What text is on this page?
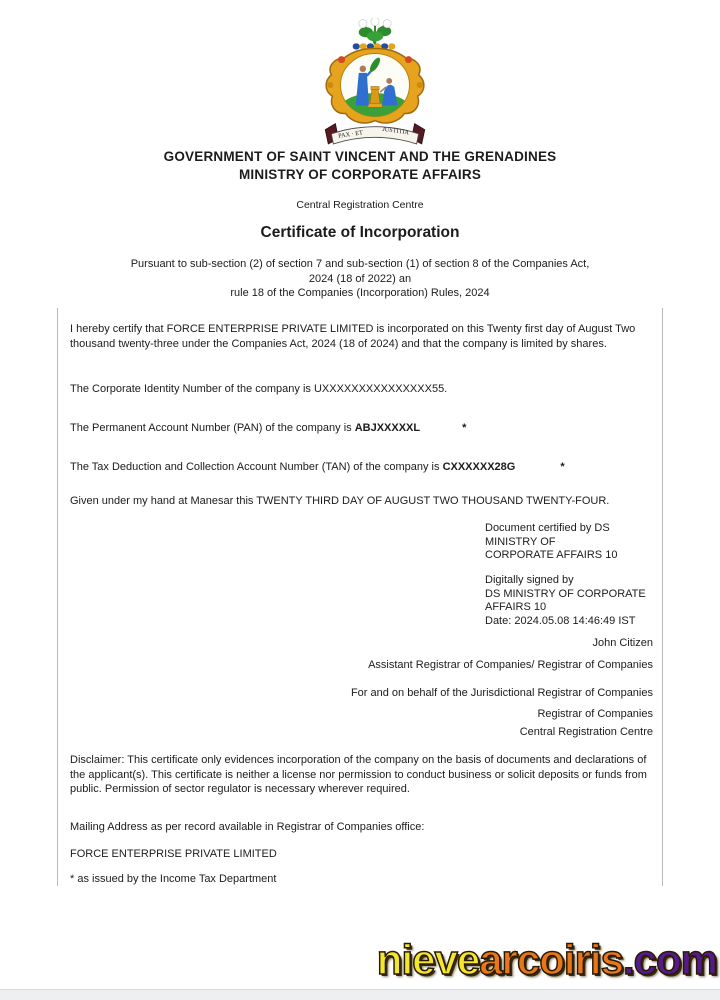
PAX · ET	JUSTITIA
GOVERNMENT OF SAINT VINCENT AND THE GRENADINES
MINISTRY OF CORPORATE AFFAIRS
Central Registration Centre
Certificate of Incorporation
Pursuant to sub-section (2) of section 7 and sub-section (1) of section 8 of the Companies Act,
2024 (18 of 2022) an
rule 18 of the Companies (Incorporation) Rules, 2024
I hereby certify that FORCE ENTERPRISE PRIVATE LIMITED is incorporated on this Twenty first day of August Two thousand twenty-three under the Companies Act, 2024 (18 of 2024) and that the company is limited by shares.
The Corporate Identity Number of the company is UXXXXXXXXXXXXXXX55.
The Permanent Account Number (PAN) of the company is ABJXXXXXL	*
The Tax Deduction and Collection Account Number (TAN) of the company is CXXXXXX28G	*
Given under my hand at Manesar this TWENTY THIRD DAY OF AUGUST TWO THOUSAND TWENTY-FOUR.
Document certified by DS
MINISTRY OF
CORPORATE AFFAIRS 10
Digitally signed by
DS MINISTRY OF CORPORATE
AFFAIRS 10
Date: 2024.05.08 14:46:49 IST
John Citizen
Assistant Registrar of Companies/ Registrar of Companies
For and on behalf of the Jurisdictional Registrar of Companies
Registrar of Companies
Central Registration Centre
Disclaimer: This certificate only evidences incorporation of the company on the basis of documents and declarations of the applicant(s). This certificate is neither a license nor permission to conduct business or solicit deposits or funds from public. Permission of sector regulator is necessary wherever required.
Mailing Address as per record available in Registrar of Companies office:
FORCE ENTERPRISE PRIVATE LIMITED
* as issued by the Income Tax Department
nievearcoiris.com
